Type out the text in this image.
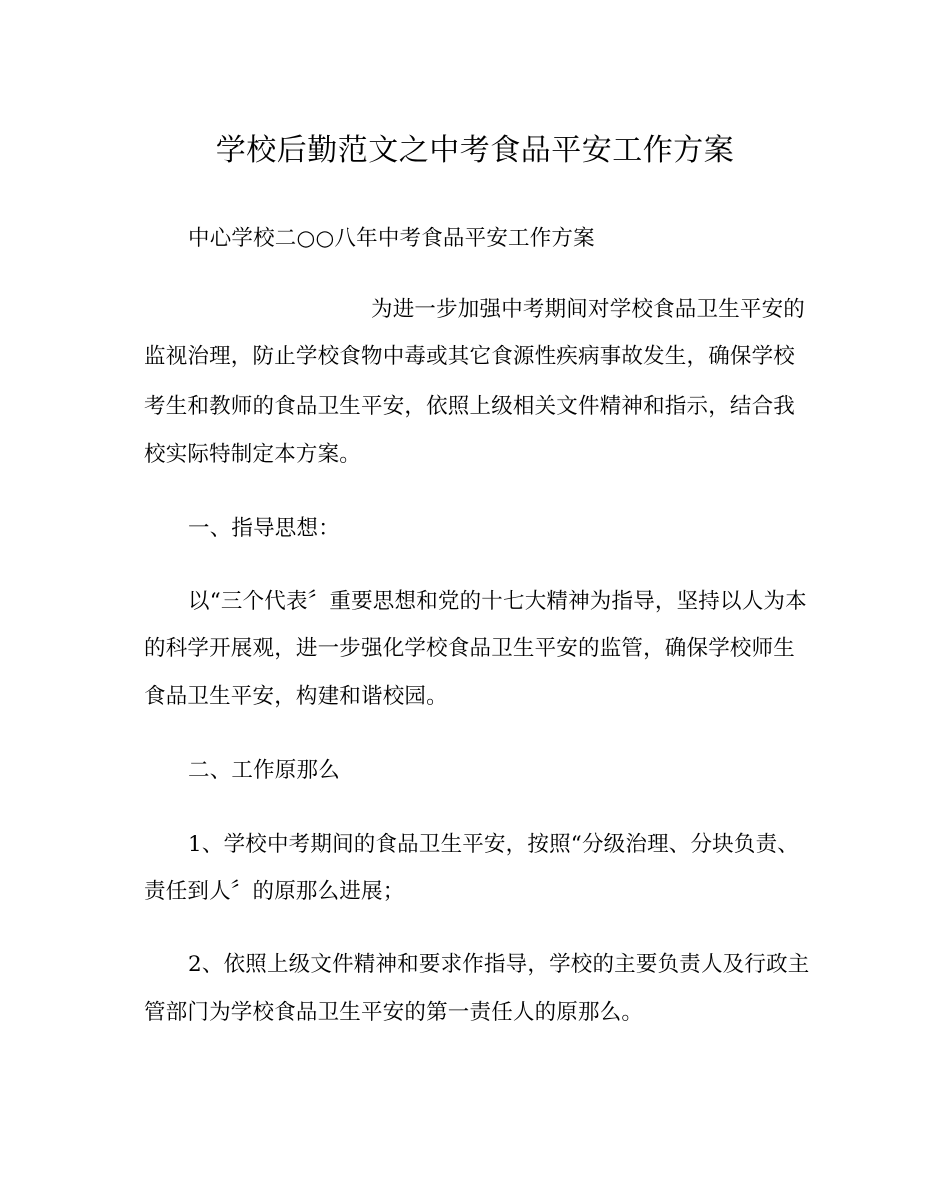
学校后勤范文之中考食品平安工作方案
中心学校二○○八年中考食品平安工作方案
为进一步加强中考期间对学校食品卫生平安的
监视治理，防止学校食物中毒或其它食源性疾病事故发生，确保学校
考生和教师的食品卫生平安，依照上级相关文件精神和指示，结合我
校实际特制定本方案。
一、指导思想：
以“三个代表〞重要思想和党的十七大精神为指导，坚持以人为本
的科学开展观，进一步强化学校食品卫生平安的监管，确保学校师生
食品卫生平安，构建和谐校园。
二、工作原那么
1、学校中考期间的食品卫生平安，按照“分级治理、分块负责、
责任到人〞的原那么进展；
2、依照上级文件精神和要求作指导，学校的主要负责人及行政主
管部门为学校食品卫生平安的第一责任人的原那么。
